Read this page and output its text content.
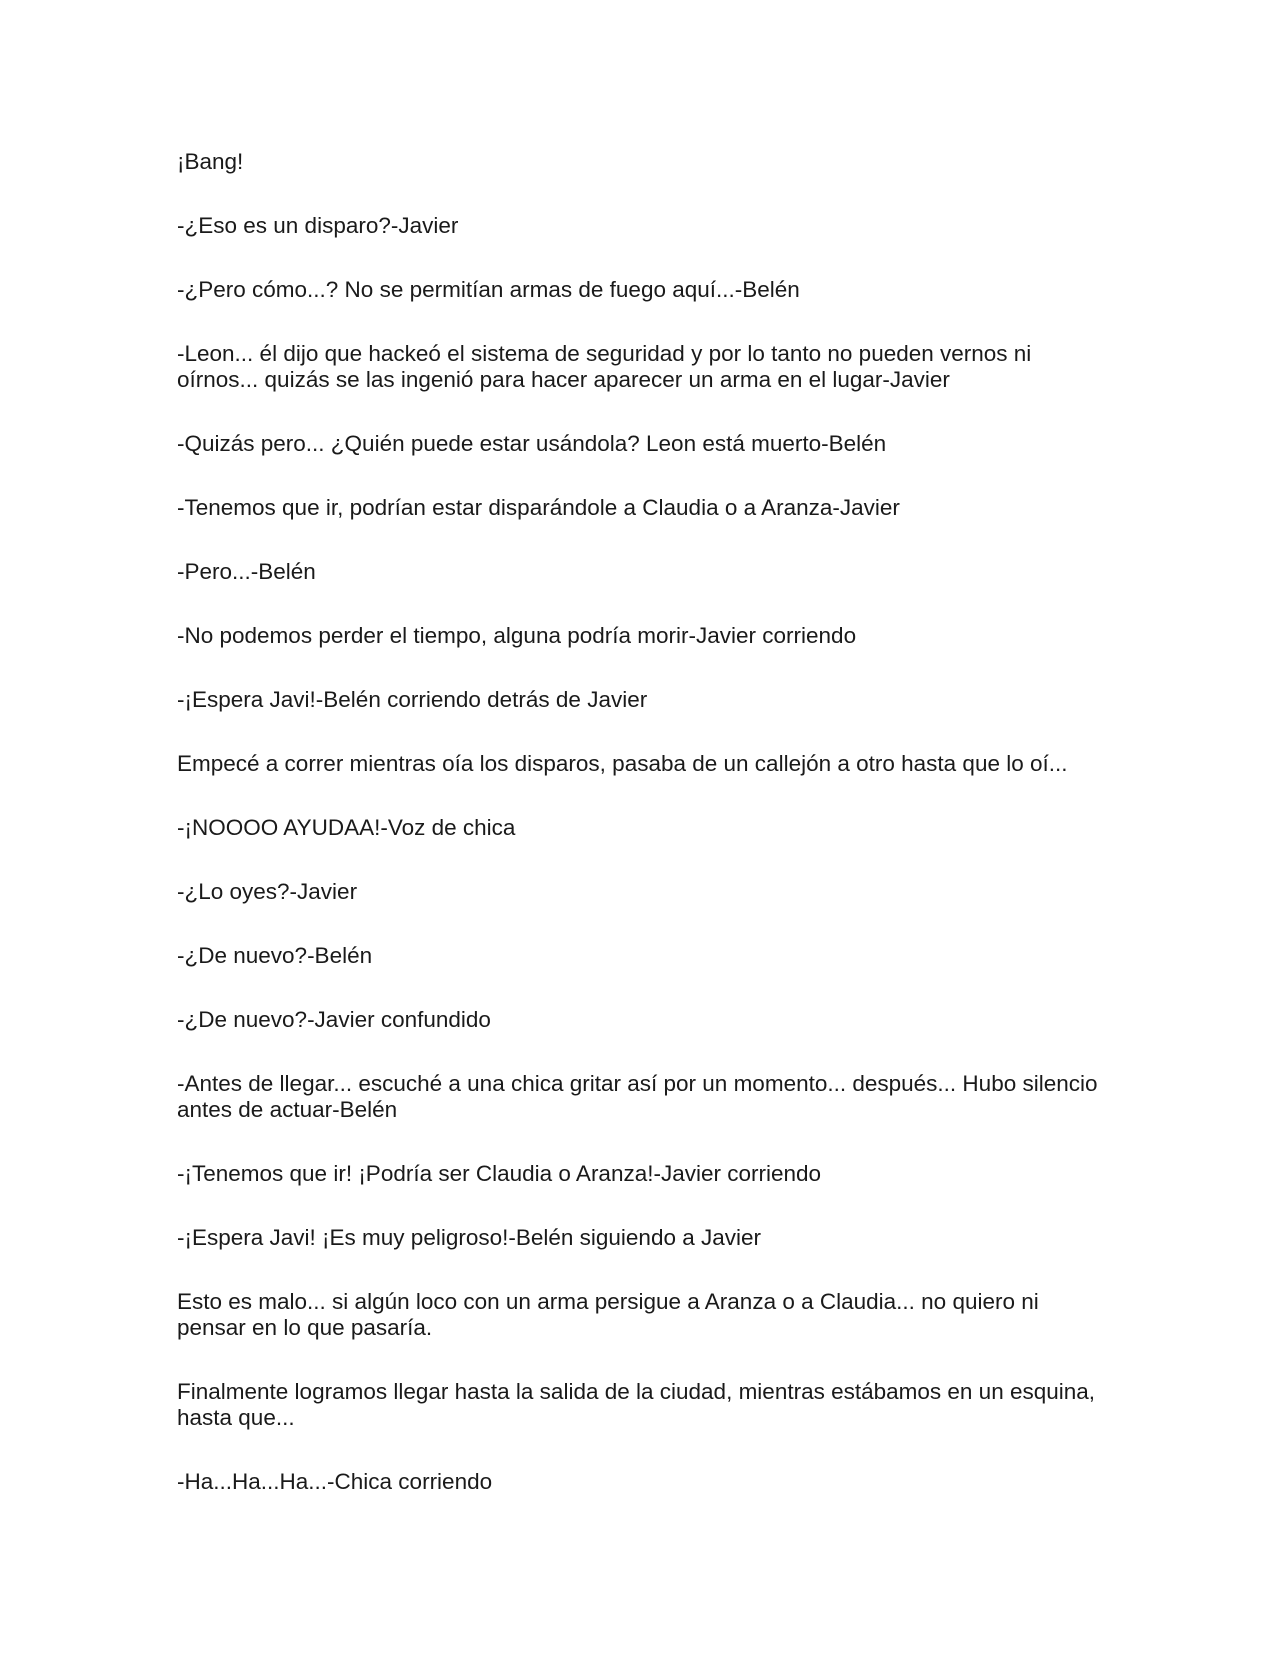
¡Bang!

-¿Eso es un disparo?-Javier

-¿Pero cómo...? No se permitían armas de fuego aquí...-Belén

-Leon... él dijo que hackeó el sistema de seguridad y por lo tanto no pueden vernos ni oírnos... quizás se las ingenió para hacer aparecer un arma en el lugar-Javier

-Quizás pero... ¿Quién puede estar usándola? Leon está muerto-Belén

-Tenemos que ir, podrían estar disparándole a Claudia o a Aranza-Javier

-Pero...-Belén

-No podemos perder el tiempo, alguna podría morir-Javier corriendo

-¡Espera Javi!-Belén corriendo detrás de Javier

Empecé a correr mientras oía los disparos, pasaba de un callejón a otro hasta que lo oí...

-¡NOOOO AYUDAA!-Voz de chica

-¿Lo oyes?-Javier

-¿De nuevo?-Belén

-¿De nuevo?-Javier confundido

-Antes de llegar... escuché a una chica gritar así por un momento... después... Hubo silencio antes de actuar-Belén

-¡Tenemos que ir! ¡Podría ser Claudia o Aranza!-Javier corriendo

-¡Espera Javi! ¡Es muy peligroso!-Belén siguiendo a Javier

Esto es malo... si algún loco con un arma persigue a Aranza o a Claudia... no quiero ni pensar en lo que pasaría.

Finalmente logramos llegar hasta la salida de la ciudad, mientras estábamos en un esquina, hasta que...

-Ha...Ha...Ha...-Chica corriendo
